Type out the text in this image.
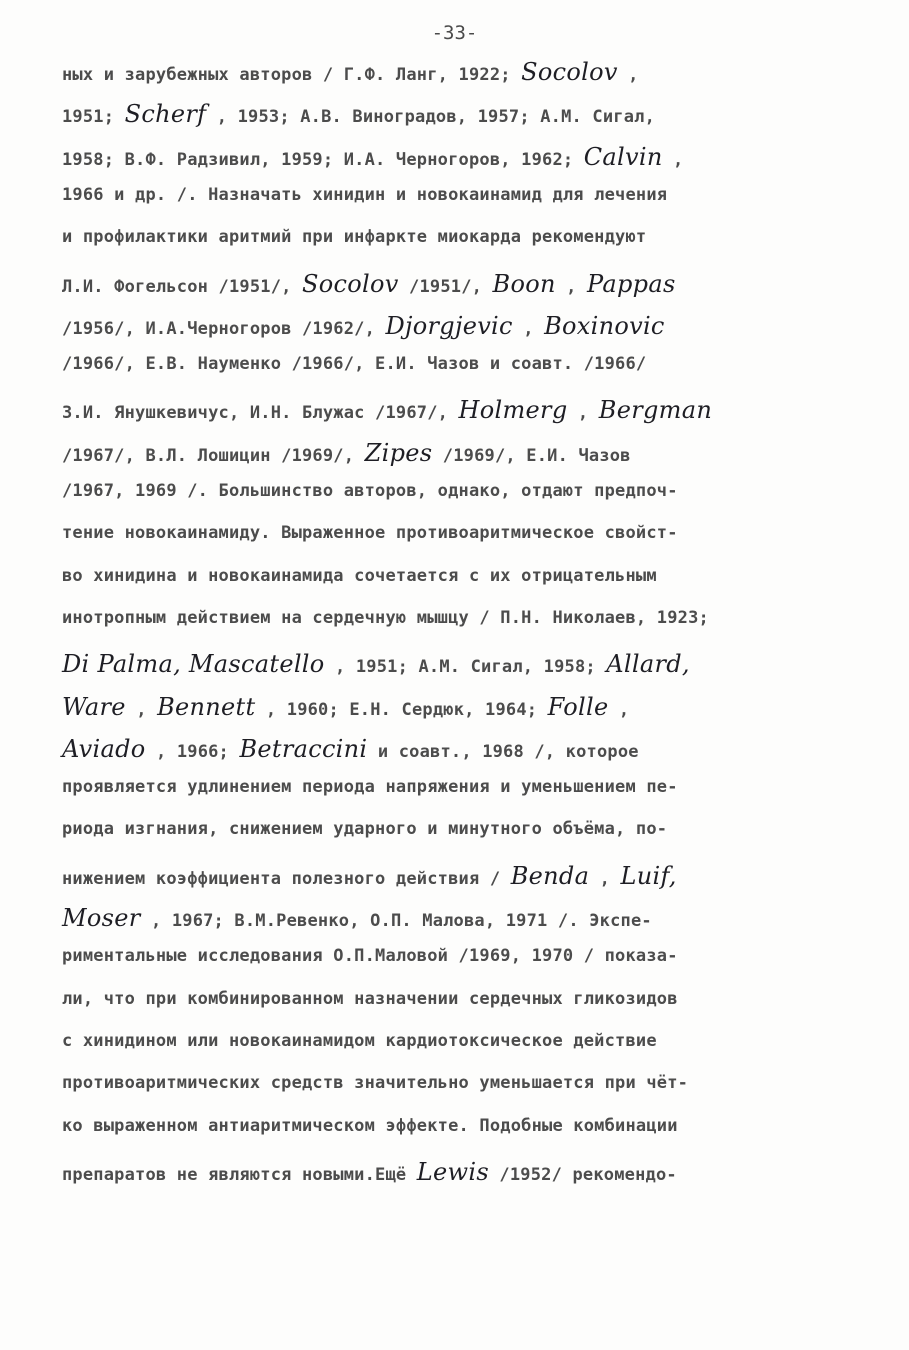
-33-
ных и зарубежных авторов / Г.Ф. Ланг, 1922; Socolov ,
1951; Scherf , 1953; А.В. Виноградов, 1957; А.М. Сигал,
1958; В.Ф. Радзивил, 1959; И.А. Черногоров, 1962; Calvin ,
1966 и др. /. Назначать хинидин и новокаинамид для лечения
и профилактики аритмий при инфаркте миокарда рекомендуют
Л.И. Фогельсон /1951/, Socolov /1951/, Boon , Pappas
/1956/, И.А.Черногоров /1962/, Djorgjevic , Boxinovic
/1966/, Е.В. Науменко /1966/, Е.И. Чазов и соавт. /1966/
З.И. Янушкевичус, И.Н. Блужас /1967/, Holmerg , Bergman
/1967/, В.Л. Лошицин /1969/, Zipes /1969/, Е.И. Чазов
/1967, 1969 /. Большинство авторов, однако, отдают предпоч-
тение новокаинамиду. Выраженное противоаритмическое свойст-
во хинидина и новокаинамида сочетается с их отрицательным
инотропным действием на сердечную мышцу / П.Н. Николаев, 1923;
Di Palma, Mascatello , 1951; А.М. Сигал, 1958; Allard,
Ware , Bennett , 1960; Е.Н. Сердюк, 1964; Folle ,
Aviado , 1966; Betraccini и соавт., 1968 /, которое
проявляется удлинением периода напряжения и уменьшением пе-
риода изгнания, снижением ударного и минутного объёма, по-
нижением коэффициента полезного действия / Benda , Luif,
Moser , 1967; В.М.Ревенко, О.П. Малова, 1971 /. Экспе-
риментальные исследования О.П.Маловой /1969, 1970 / показа-
ли, что при комбинированном назначении сердечных гликозидов
с хинидином или новокаинамидом кардиотоксическое действие
противоаритмических средств значительно уменьшается при чёт-
ко выраженном антиаритмическом эффекте. Подобные комбинации
препаратов не являются новыми.Ещё Lewis /1952/ рекомендо-
